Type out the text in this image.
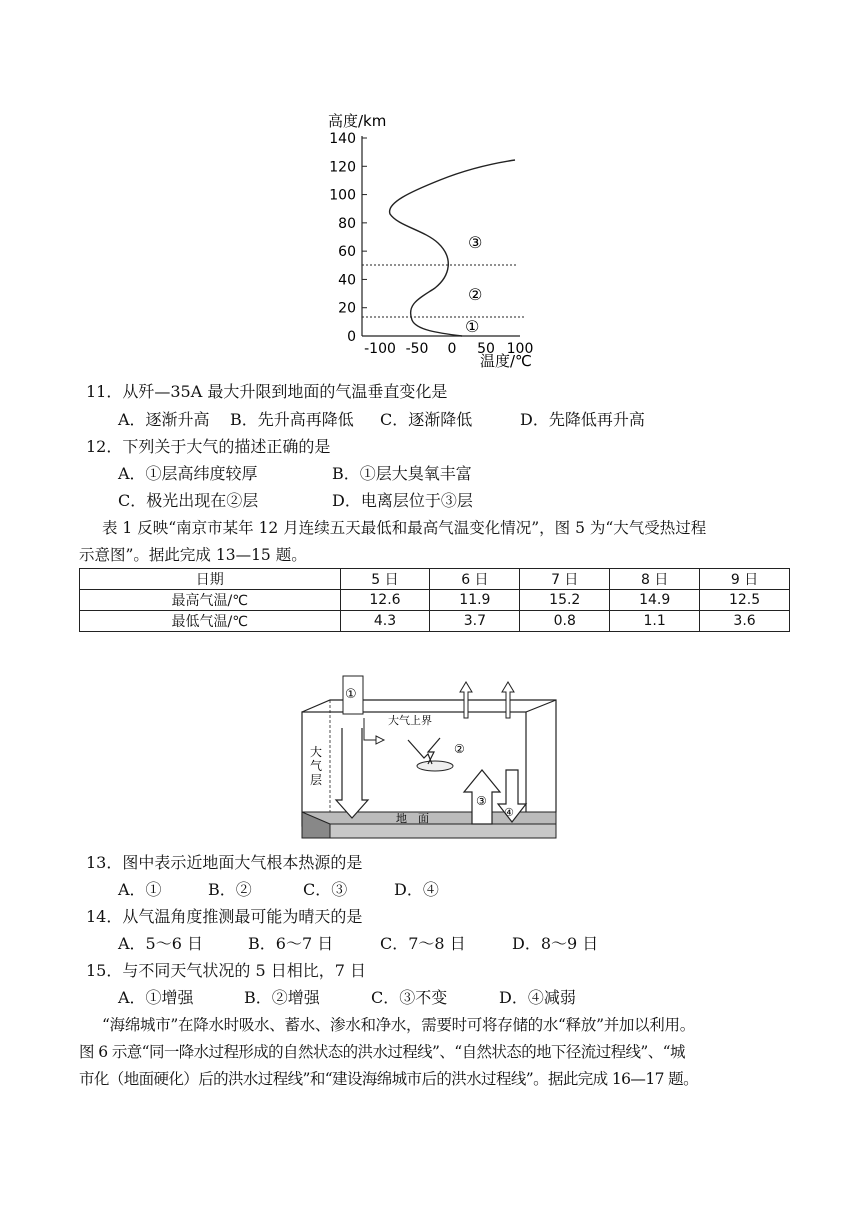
高度/km
140
120
100
80
60
40
20
0
-100 -50 0 50 100
③
②
①
温度/℃
11．从歼—35A 最大升限到地面的气温垂直变化是
A．逐渐升高 B．先升高再降低 C．逐渐降低	D．先降低再升高
12．下列关于大气的描述正确的是
A．①层高纬度较厚	B．①层大臭氧丰富
C．极光出现在②层	D．电离层位于③层
表 1 反映“南京市某年 12 月连续五天最低和最高气温变化情况”，图 5 为“大气受热过程
示意图”。据此完成 13—15 题。
日期	5 日	6 日	7 日	8 日	9 日
最高气温/℃	12.6	11.9	15.2	14.9	12.5
最低气温/℃	4.3	3.7	0.8	1.1	3.6
①
大气上界
②
③
④
大
气
层
地　面
13．图中表示近地面大气根本热源的是
A．①	B．②	C．③	D．④
14．从气温角度推测最可能为晴天的是
A．5～6 日	B．6～7 日	C．7～8 日	D．8～9 日
15．与不同天气状况的 5 日相比，7 日
A．①增强	B．②增强	C．③不变	D．④减弱
“海绵城市”在降水时吸水、蓄水、渗水和净水，需要时可将存储的水“释放”并加以利用。
图 6 示意“同一降水过程形成的自然状态的洪水过程线”、“自然状态的地下径流过程线”、“城
市化（地面硬化）后的洪水过程线”和“建设海绵城市后的洪水过程线”。据此完成 16—17 题。
